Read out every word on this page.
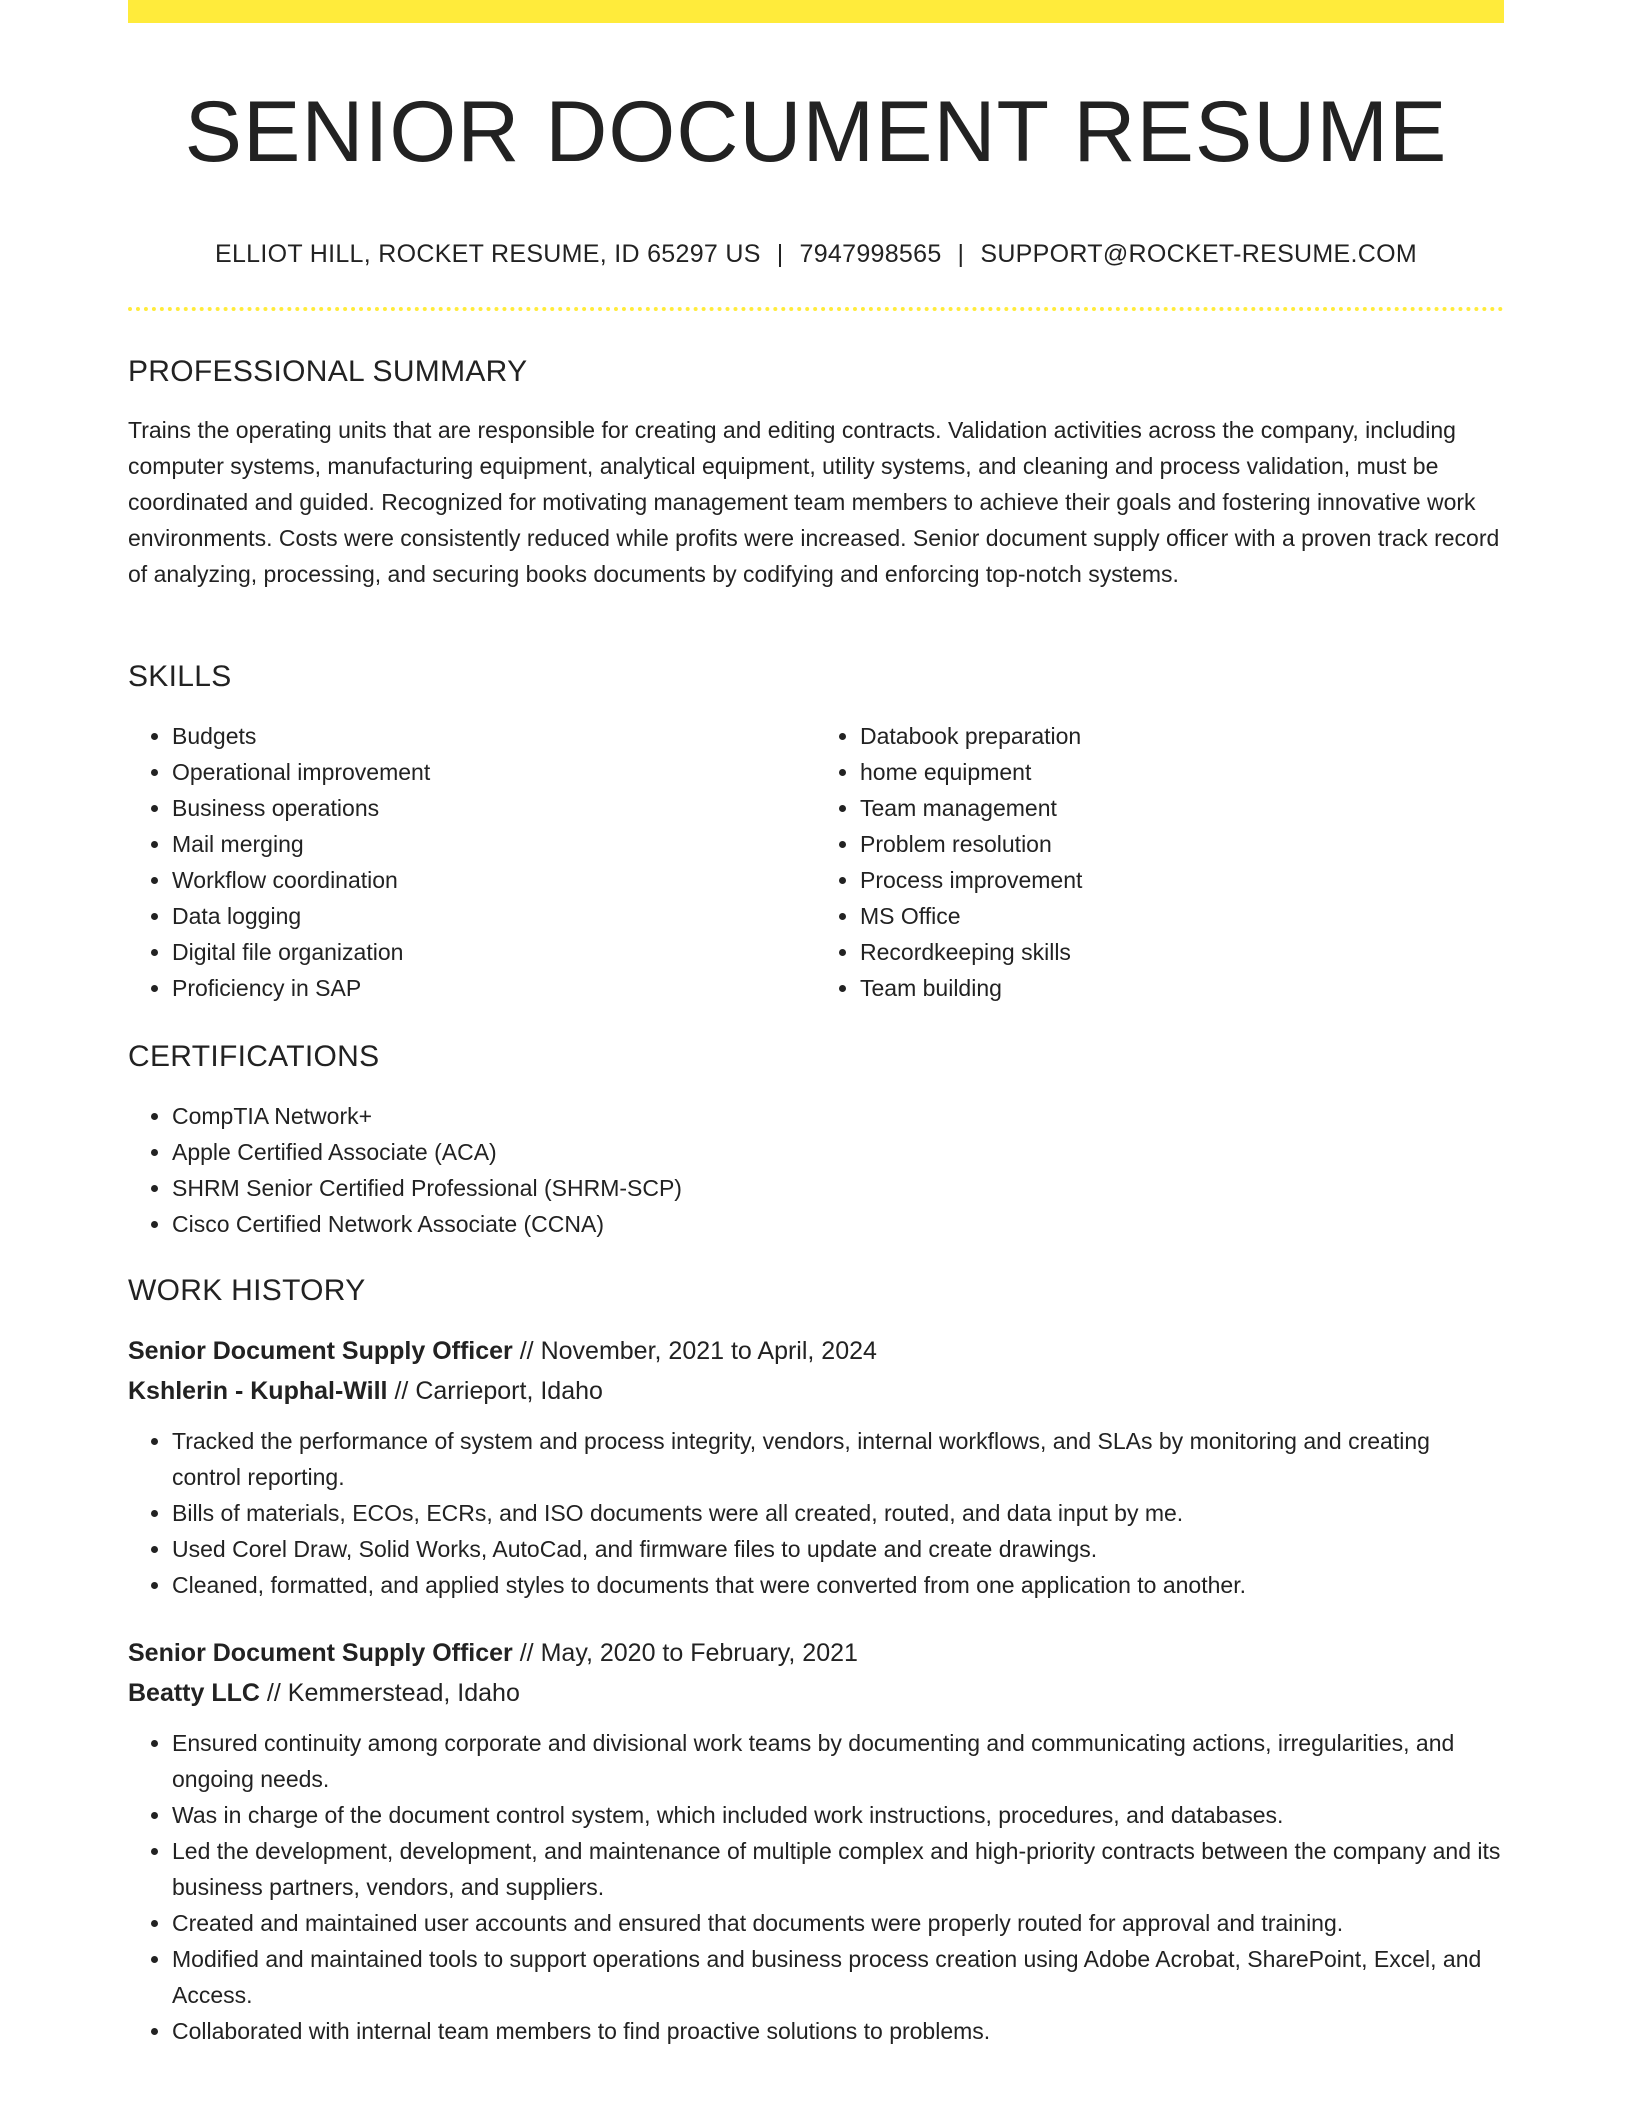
SENIOR DOCUMENT RESUME
ELLIOT HILL, ROCKET RESUME, ID 65297 US | 7947998565 | SUPPORT@ROCKET-RESUME.COM
PROFESSIONAL SUMMARY

Trains the operating units that are responsible for creating and editing contracts. Validation activities across the company, including computer systems, manufacturing equipment, analytical equipment, utility systems, and cleaning and process validation, must be coordinated and guided. Recognized for motivating management team members to achieve their goals and fostering innovative work environments. Costs were consistently reduced while profits were increased. Senior document supply officer with a proven track record of analyzing, processing, and securing books documents by codifying and enforcing top-notch systems.

SKILLS
• Budgets
• Operational improvement
• Business operations
• Mail merging
• Workflow coordination
• Data logging
• Digital file organization
• Proficiency in SAP
• Databook preparation
• home equipment
• Team management
• Problem resolution
• Process improvement
• MS Office
• Recordkeeping skills
• Team building
CERTIFICATIONS
• CompTIA Network+
• Apple Certified Associate (ACA)
• SHRM Senior Certified Professional (SHRM-SCP)
• Cisco Certified Network Associate (CCNA)
WORK HISTORY
Senior Document Supply Officer // November, 2021 to April, 2024
Kshlerin - Kuphal-Will // Carrieport, Idaho
• Tracked the performance of system and process integrity, vendors, internal workflows, and SLAs by monitoring and creating control reporting.
• Bills of materials, ECOs, ECRs, and ISO documents were all created, routed, and data input by me.
• Used Corel Draw, Solid Works, AutoCad, and firmware files to update and create drawings.
• Cleaned, formatted, and applied styles to documents that were converted from one application to another.
Senior Document Supply Officer // May, 2020 to February, 2021
Beatty LLC // Kemmerstead, Idaho
• Ensured continuity among corporate and divisional work teams by documenting and communicating actions, irregularities, and ongoing needs.
• Was in charge of the document control system, which included work instructions, procedures, and databases.
• Led the development, development, and maintenance of multiple complex and high-priority contracts between the company and its business partners, vendors, and suppliers.
• Created and maintained user accounts and ensured that documents were properly routed for approval and training.
• Modified and maintained tools to support operations and business process creation using Adobe Acrobat, SharePoint, Excel, and Access.
• Collaborated with internal team members to find proactive solutions to problems.
